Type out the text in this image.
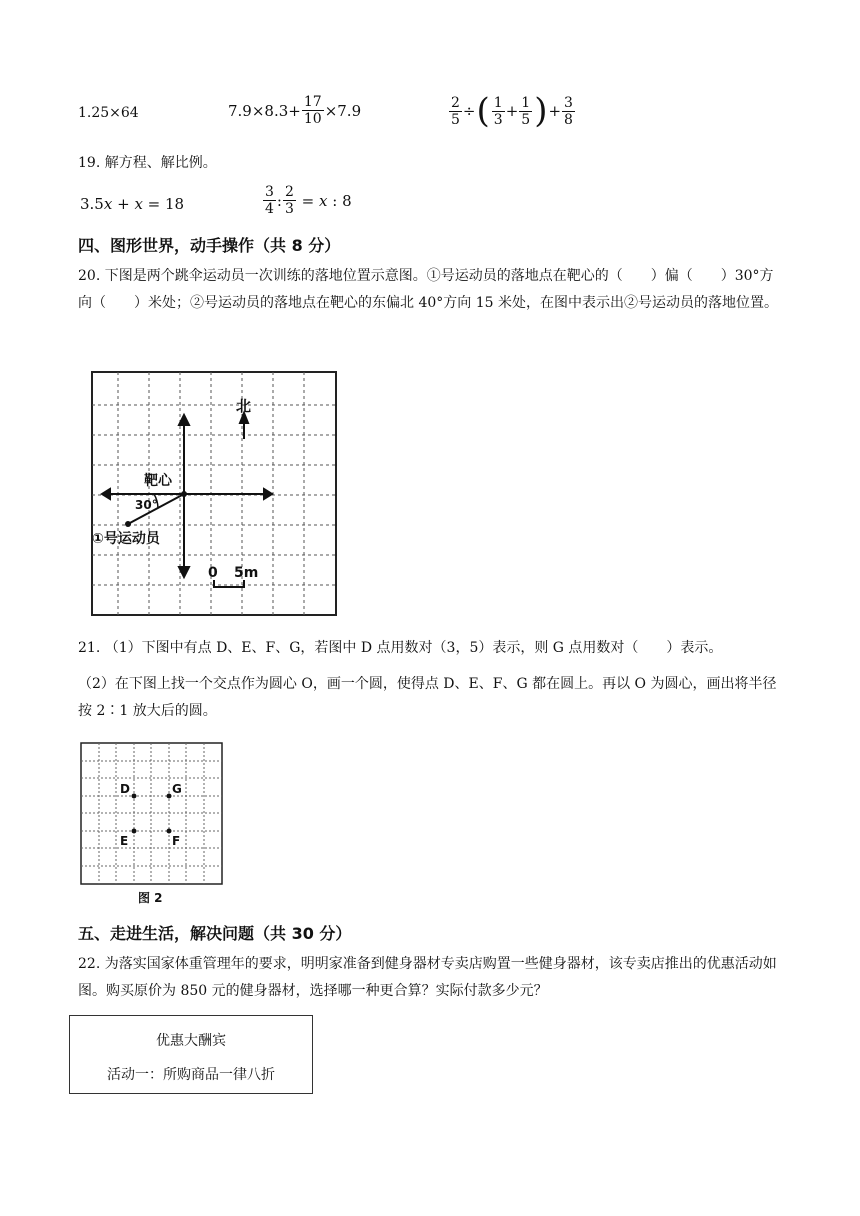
1.25×64	$7.9\times 8.3+ \frac{17}{10} \times 7.9$	$\frac{2}{5}$ ÷ ( $\frac{1}{3} + \frac{1}{5}$ ) + $\frac{3}{8}$
19. 解方程、解比例。
3.5 x + x = 18	$\frac{3}{4}$ : $\frac{2}{3} = x$ : 8
四、图形世界，动手操作（共 8 分）
20. 下图是两个跳伞运动员一次训练的落地位置示意图。①号运动员的落地点在靶心的（　　）偏（　　）30°方向（　　）米处；②号运动员的落地点在靶心的东偏北 40°方向 15 米处，在图中表示出②号运动员的落地位置。
北
靶心
30°
①号运动员
0 5m
21. （1）下图中有点 D、E、F、G，若图中 D 点用数对（3，5）表示，则 G 点用数对（　　）表示。
（2）在下图上找一个交点作为圆心 O，画一个圆，使得点 D、E、F、G 都在圆上。再以 O 为圆心，画出将半径按 2∶1 放大后的圆。
D	G
E	F
图 2
五、走进生活，解决问题（共 30 分）
22. 为落实国家体重管理年的要求，明明家准备到健身器材专卖店购置一些健身器材，该专卖店推出的优惠活动如图。购买原价为 850 元的健身器材，选择哪一种更合算？实际付款多少元？
优惠大酬宾
活动一：所购商品一律八折
